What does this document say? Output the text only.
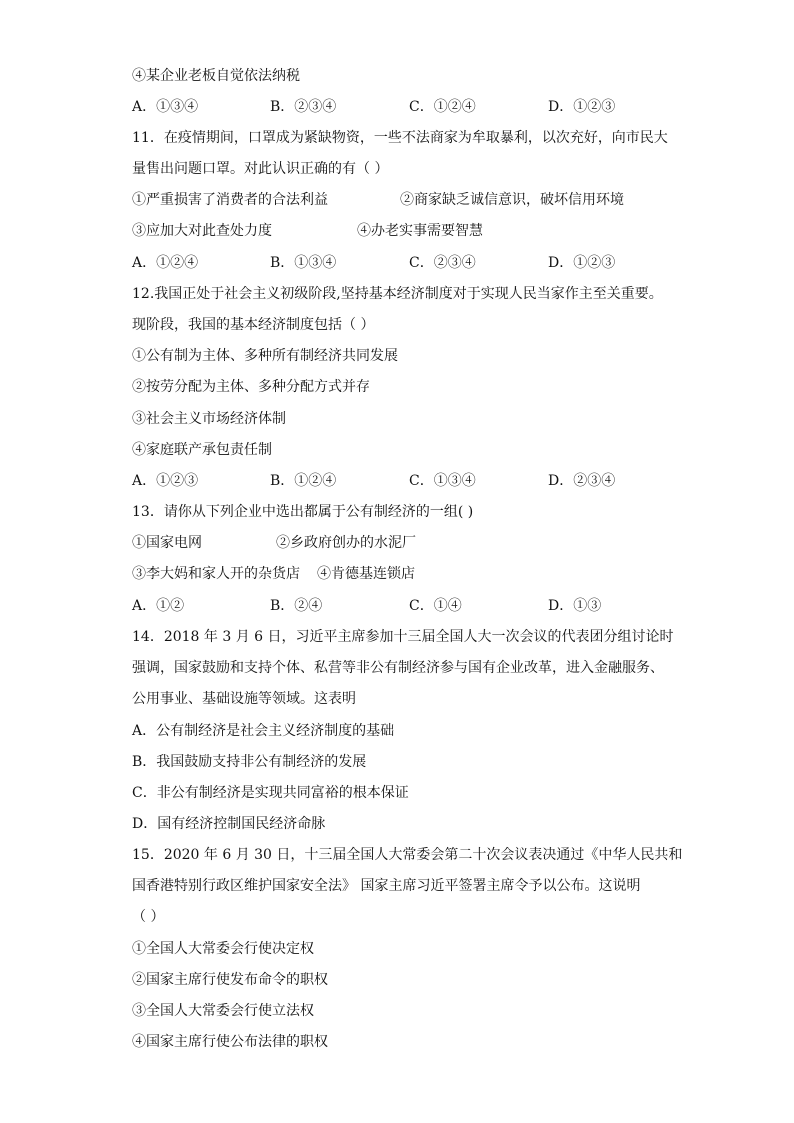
④某企业老板自觉依法纳税
A．①③④	B．②③④	C．①②④	D．①②③
11．在疫情期间，口罩成为紧缺物资，一些不法商家为牟取暴利，以次充好，向市民大
量售出问题口罩。对此认识正确的有（ ）
①严重损害了消费者的合法利益	②商家缺乏诚信意识，破坏信用环境
③应加大对此查处力度	④办老实事需要智慧
A．①②④	B．①③④	C．②③④	D．①②③
12.我国正处于社会主义初级阶段,坚持基本经济制度对于实现人民当家作主至关重要。
现阶段，我国的基本经济制度包括（ ）
①公有制为主体、多种所有制经济共同发展
②按劳分配为主体、多种分配方式并存
③社会主义市场经济体制
④家庭联产承包责任制
A．①②③	B．①②④	C．①③④	D．②③④
13．请你从下列企业中选出都属于公有制经济的一组( )
①国家电网	②乡政府创办的水泥厂
③李大妈和家人开的杂货店 ④肯德基连锁店
A．①②	B．②④	C．①④	D．①③
14．2018 年 3 月 6 日，习近平主席参加十三届全国人大一次会议的代表团分组讨论时
强调，国家鼓励和支持个体、私营等非公有制经济参与国有企业改革，进入金融服务、
公用事业、基础设施等领域。这表明
A．公有制经济是社会主义经济制度的基础
B．我国鼓励支持非公有制经济的发展
C．非公有制经济是实现共同富裕的根本保证
D．国有经济控制国民经济命脉
15．2020 年 6 月 30 日，十三届全国人大常委会第二十次会议表决通过《中华人民共和
国香港特别行政区维护国家安全法》 国家主席习近平签署主席令予以公布。这说明
（ ）
①全国人大常委会行使决定权
②国家主席行使发布命令的职权
③全国人大常委会行使立法权
④国家主席行使公布法律的职权
